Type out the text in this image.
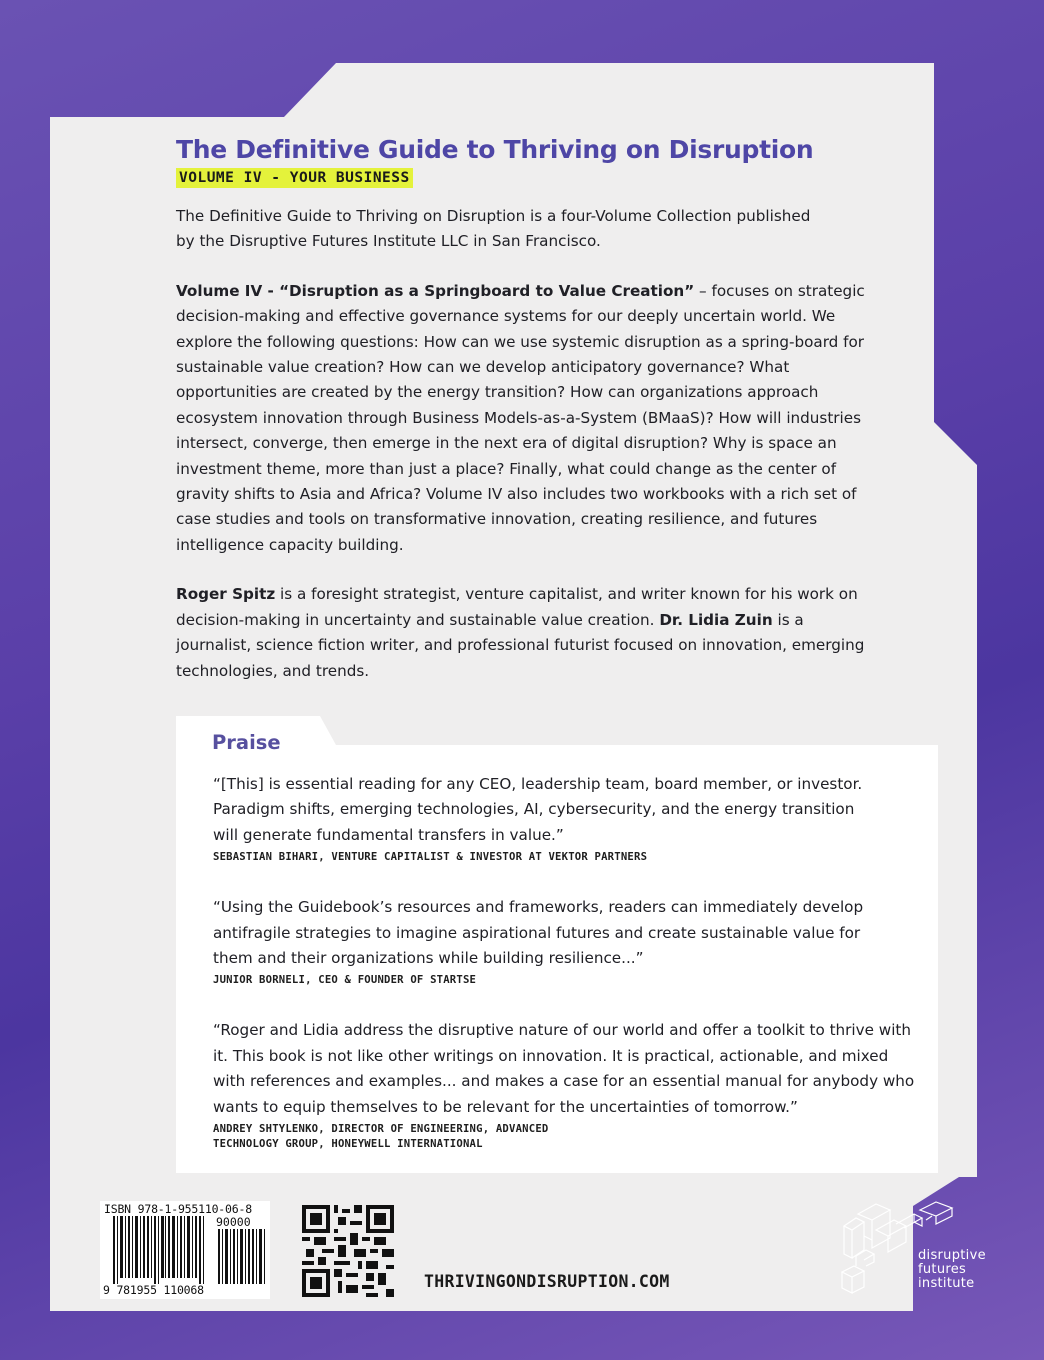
The Definitive Guide to Thriving on Disruption
VOLUME IV - YOUR BUSINESS

The Definitive Guide to Thriving on Disruption is a four-Volume Collection published by the Disruptive Futures Institute LLC in San Francisco.

Volume IV - “Disruption as a Springboard to Value Creation” – focuses on strategic decision-making and effective governance systems for our deeply uncertain world. We explore the following questions: How can we use systemic disruption as a spring-board for sustainable value creation? How can we develop anticipatory governance? What opportunities are created by the energy transition? How can organizations approach ecosystem innovation through Business Models-as-a-System (BMaaS)? How will industries intersect, converge, then emerge in the next era of digital disruption? Why is space an investment theme, more than just a place? Finally, what could change as the center of gravity shifts to Asia and Africa? Volume IV also includes two workbooks with a rich set of case studies and tools on transformative innovation, creating resilience, and futures intelligence capacity building.

Roger Spitz is a foresight strategist, venture capitalist, and writer known for his work on decision-making in uncertainty and sustainable value creation. Dr. Lidia Zuin is a journalist, science fiction writer, and professional futurist focused on innovation, emerging technologies, and trends.

Praise

“[This] is essential reading for any CEO, leadership team, board member, or investor. Paradigm shifts, emerging technologies, AI, cybersecurity, and the energy transition will generate fundamental transfers in value.”

SEBASTIAN BIHARI, VENTURE CAPITALIST & INVESTOR AT VEKTOR PARTNERS

“Using the Guidebook’s resources and frameworks, readers can immediately develop antifragile strategies to imagine aspirational futures and create sustainable value for them and their organizations while building resilience...”

JUNIOR BORNELI, CEO & FOUNDER OF STARTSE

“Roger and Lidia address the disruptive nature of our world and offer a toolkit to thrive with it. This book is not like other writings on innovation. It is practical, actionable, and mixed with references and examples... and makes a case for an essential manual for anybody who wants to equip themselves to be relevant for the uncertainties of tomorrow.”

ANDREY SHTYLENKO, DIRECTOR OF ENGINEERING, ADVANCED
TECHNOLOGY GROUP, HONEYWELL INTERNATIONAL

ISBN 978-1-955110-06-8
90000
9 781955 110068	THRIVINGONDISRUPTION.COM
disruptive
futures
institute
